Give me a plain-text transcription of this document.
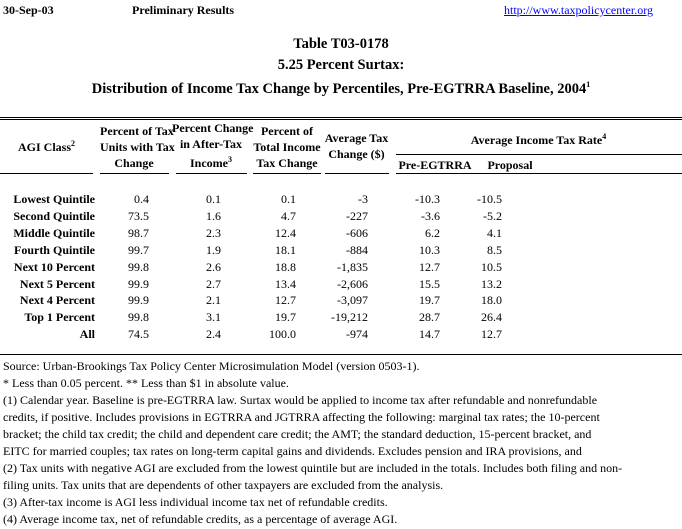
30-Sep-03	Preliminary Results	http://www.taxpolicycenter.org
Table T03-0178
5.25 Percent Surtax:
Distribution of Income Tax Change by Percentiles, Pre-EGTRRA Baseline, 2004$^1$
AGI Class$^2$
Percent of Tax
Units with Tax
Change
Percent Change
in After-Tax
Income$^3$
Percent of
Total Income
Tax Change
Average Tax
Change ($)
Average Income Tax Rate$^4$
Pre-EGTRRA	Proposal
Lowest Quintile	0.4	0.1	0.1	-3	-10.3	-10.5
Second Quintile	73.5	1.6	4.7	-227	-3.6	-5.2
Middle Quintile	98.7	2.3	12.4	-606	6.2	4.1
Fourth Quintile	99.7	1.9	18.1	-884	10.3	8.5
Next 10 Percent	99.8	2.6	18.8	-1,835	12.7	10.5
Next 5 Percent	99.9	2.7	13.4	-2,606	15.5	13.2
Next 4 Percent	99.9	2.1	12.7	-3,097	19.7	18.0
Top 1 Percent	99.8	3.1	19.7	-19,212	28.7	26.4
All	74.5	2.4	100.0	-974	14.7	12.7
Source: Urban-Brookings Tax Policy Center Microsimulation Model (version 0503-1).
* Less than 0.05 percent. ** Less than $1 in absolute value.
(1) Calendar year. Baseline is pre-EGTRRA law. Surtax would be applied to income tax after refundable and nonrefundable
credits, if positive. Includes provisions in EGTRRA and JGTRRA affecting the following: marginal tax rates; the 10-percent
bracket; the child tax credit; the child and dependent care credit; the AMT; the standard deduction, 15-percent bracket, and
EITC for married couples; tax rates on long-term capital gains and dividends. Excludes pension and IRA provisions, and
(2) Tax units with negative AGI are excluded from the lowest quintile but are included in the totals. Includes both filing and non-
filing units. Tax units that are dependents of other taxpayers are excluded from the analysis.
(3) After-tax income is AGI less individual income tax net of refundable credits.
(4) Average income tax, net of refundable credits, as a percentage of average AGI.
